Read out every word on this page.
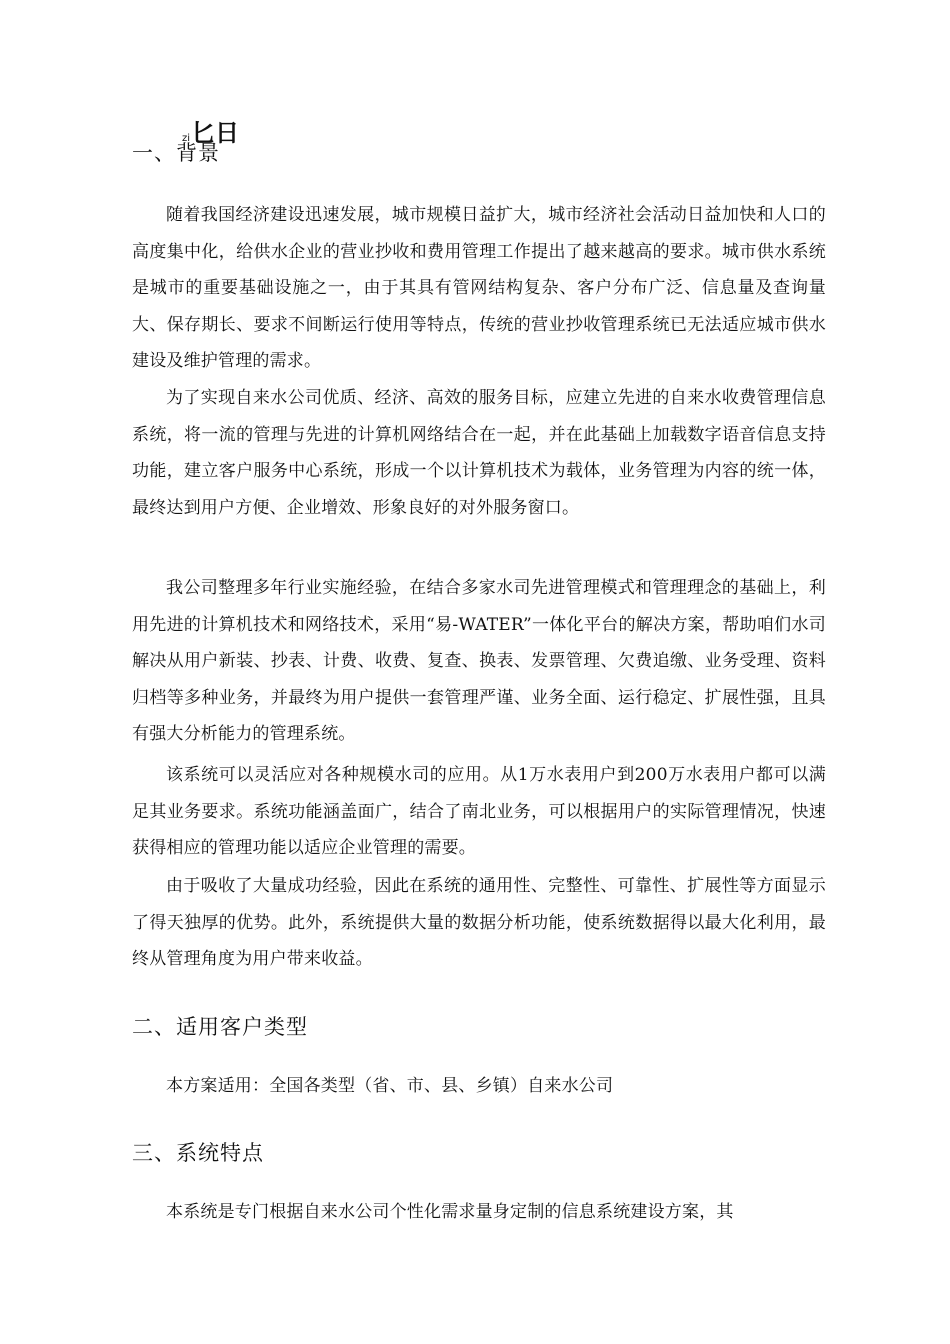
zi匕日
一、背景

随着我国经济建设迅速发展，城市规模日益扩大，城市经济社会活动日益加快和人口的高度集中化，给供水企业的营业抄收和费用管理工作提出了越来越高的要求。城市供水系统是城市的重要基础设施之一，由于其具有管网结构复杂、客户分布广泛、信息量及查询量大、保存期长、要求不间断运行使用等特点，传统的营业抄收管理系统已无法适应城市供水建设及维护管理的需求。

为了实现自来水公司优质、经济、高效的服务目标，应建立先进的自来水收费管理信息系统，将一流的管理与先进的计算机网络结合在一起，并在此基础上加载数字语音信息支持功能，建立客户服务中心系统，形成一个以计算机技术为载体，业务管理为内容的统一体，最终达到用户方便、企业增效、形象良好的对外服务窗口。

我公司整理多年行业实施经验，在结合多家水司先进管理模式和管理理念的基础上，利用先进的计算机技术和网络技术，采用“易-WATER”一体化平台的解决方案，帮助咱们水司解决从用户新装、抄表、计费、收费、复查、换表、发票管理、欠费追缴、业务受理、资料归档等多种业务，并最终为用户提供一套管理严谨、业务全面、运行稳定、扩展性强，且具有强大分析能力的管理系统。

该系统可以灵活应对各种规模水司的应用。从1万水表用户到200万水表用户都可以满足其业务要求。系统功能涵盖面广，结合了南北业务，可以根据用户的实际管理情况，快速获得相应的管理功能以适应企业管理的需要。

由于吸收了大量成功经验，因此在系统的通用性、完整性、可靠性、扩展性等方面显示了得天独厚的优势。此外，系统提供大量的数据分析功能，使系统数据得以最大化利用，最终从管理角度为用户带来收益。

二、适用客户类型

本方案适用：全国各类型（省、市、县、乡镇）自来水公司

三、系统特点

本系统是专门根据自来水公司个性化需求量身定制的信息系统建设方案，其
